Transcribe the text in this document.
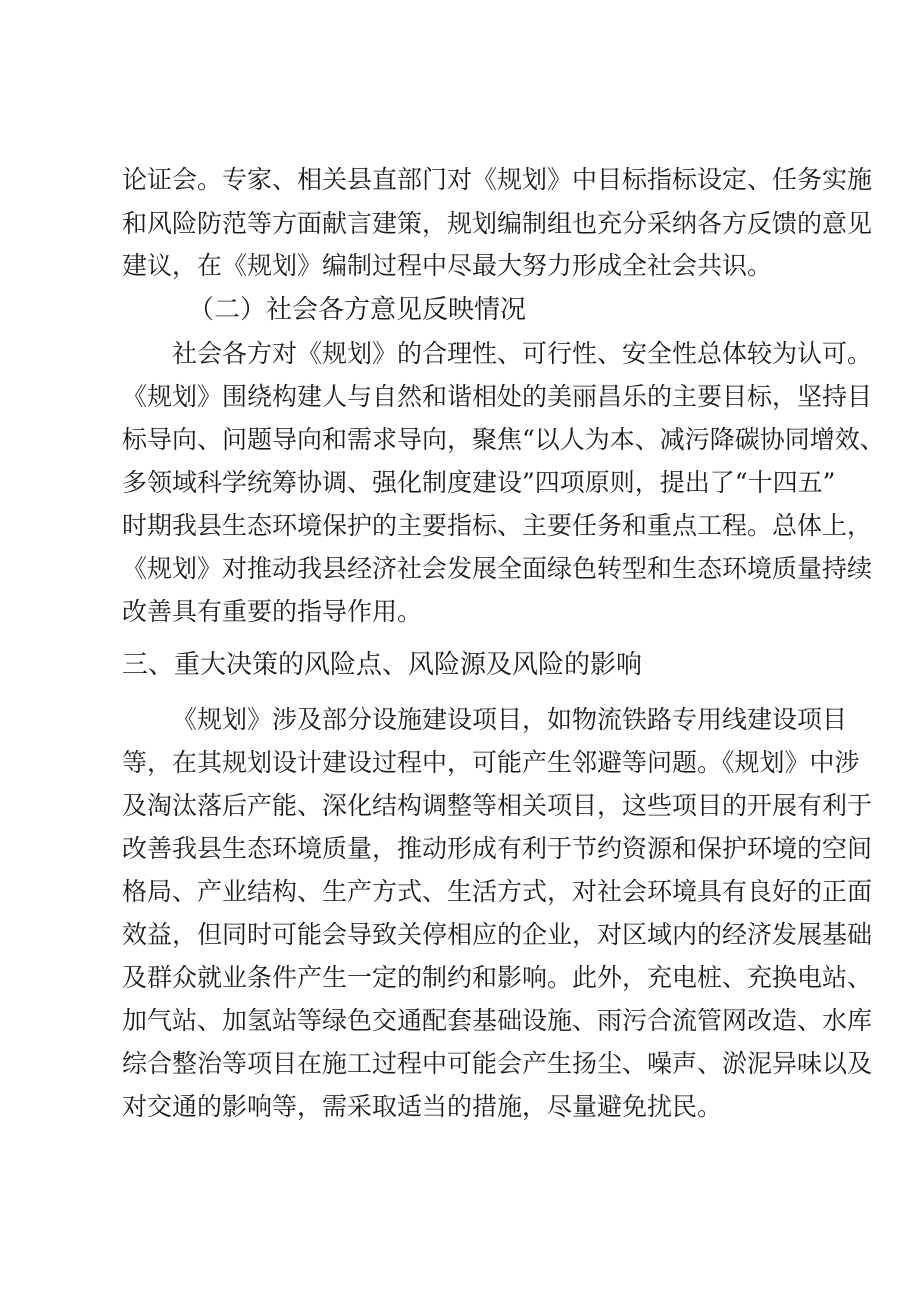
论证会。专家、相关县直部门对《规划》中目标指标设定、任务实施
和风险防范等方面献言建策，规划编制组也充分采纳各方反馈的意见
建议，在《规划》编制过程中尽最大努力形成全社会共识。
（二）社会各方意见反映情况
社会各方对《规划》的合理性、可行性、安全性总体较为认可。
《规划》围绕构建人与自然和谐相处的美丽昌乐的主要目标，坚持目
标导向、问题导向和需求导向，聚焦“以人为本、减污降碳协同增效、
多领域科学统筹协调、强化制度建设”四项原则，提出了“十四五”
时期我县生态环境保护的主要指标、主要任务和重点工程。总体上，
《规划》对推动我县经济社会发展全面绿色转型和生态环境质量持续
改善具有重要的指导作用。
三、重大决策的风险点、风险源及风险的影响
《规划》涉及部分设施建设项目，如物流铁路专用线建设项目
等，在其规划设计建设过程中，可能产生邻避等问题。《规划》中涉
及淘汰落后产能、深化结构调整等相关项目，这些项目的开展有利于
改善我县生态环境质量，推动形成有利于节约资源和保护环境的空间
格局、产业结构、生产方式、生活方式，对社会环境具有良好的正面
效益，但同时可能会导致关停相应的企业，对区域内的经济发展基础
及群众就业条件产生一定的制约和影响。此外，充电桩、充换电站、
加气站、加氢站等绿色交通配套基础设施、雨污合流管网改造、水库
综合整治等项目在施工过程中可能会产生扬尘、噪声、淤泥异味以及
对交通的影响等，需采取适当的措施，尽量避免扰民。
